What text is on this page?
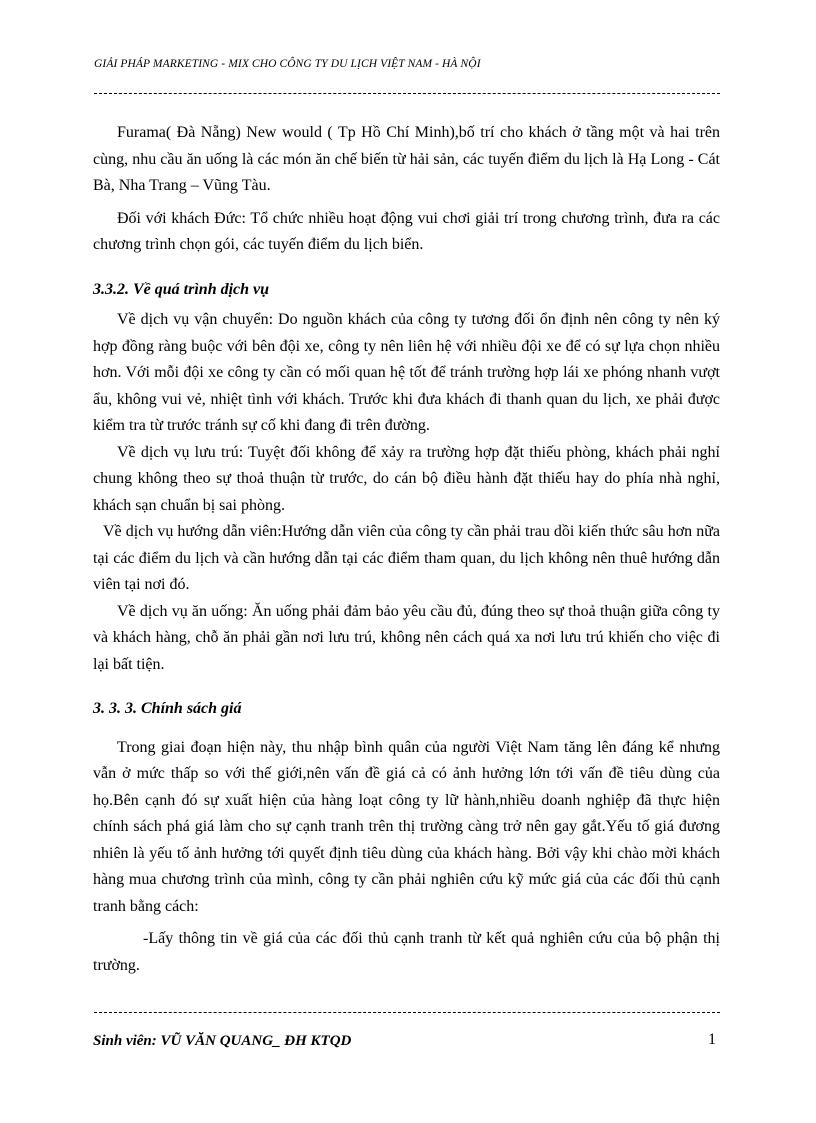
GIẢI PHÁP MARKETING - MIX CHO CÔNG TY DU LỊCH VIỆT NAM - HÀ NỘI

Furama( Đà Nẵng) New would ( Tp Hồ Chí Minh),bố trí cho khách ở tầng một và hai trên cùng, nhu cầu ăn uống là các món ăn chế biến từ hải sản, các tuyến điểm du lịch là Hạ Long - Cát Bà, Nha Trang – Vũng Tàu.

Đối với khách Đức: Tổ chức nhiều hoạt động vui chơi giải trí trong chương trình, đưa ra các chương trình chọn gói, các tuyến điểm du lịch biển.

3.3.2. Về quá trình dịch vụ

Về dịch vụ vận chuyển: Do nguồn khách của công ty tương đối ổn định nên công ty nên ký hợp đồng ràng buộc với bên đội xe, công ty nên liên hệ với nhiều đội xe để có sự lựa chọn nhiều hơn. Với mỗi đội xe công ty cần có mối quan hệ tốt để tránh trường hợp lái xe phóng nhanh vượt ẩu, không vui vẻ, nhiệt tình với khách. Trước khi đưa khách đi thanh quan du lịch, xe phải được kiểm tra từ trước tránh sự cố khi đang đi trên đường.

Về dịch vụ lưu trú: Tuyệt đối không để xảy ra trường hợp đặt thiếu phòng, khách phải nghỉ chung không theo sự thoả thuận từ trước, do cán bộ điều hành đặt thiếu hay do phía nhà nghỉ, khách sạn chuẩn bị sai phòng.

Về dịch vụ hướng dẫn viên:Hướng dẫn viên của công ty cần phải trau dồi kiến thức sâu hơn nữa tại các điểm du lịch và cần hướng dẫn tại các điểm tham quan, du lịch không nên thuê hướng dẫn viên tại nơi đó.

Về dịch vụ ăn uống: Ăn uống phải đảm bảo yêu cầu đủ, đúng theo sự thoả thuận giữa công ty và khách hàng, chỗ ăn phải gần nơi lưu trú, không nên cách quá xa nơi lưu trú khiến cho việc đi lại bất tiện.

3. 3. 3. Chính sách giá

Trong giai đoạn hiện này, thu nhập bình quân của người Việt Nam tăng lên đáng kể nhưng vẫn ở mức thấp so với thế giới,nên vấn đề giá cả có ảnh hưởng lớn tới vấn đề tiêu dùng của họ.Bên cạnh đó sự xuất hiện của hàng loạt công ty lữ hành,nhiều doanh nghiệp đã thực hiện chính sách phá giá làm cho sự cạnh tranh trên thị trường càng trở nên gay gắt.Yếu tố giá đương nhiên là yếu tố ảnh hưởng tới quyết định tiêu dùng của khách hàng. Bởi vậy khi chào mời khách hàng mua chương trình của mình, công ty cần phải nghiên cứu kỹ mức giá của các đối thủ cạnh tranh bằng cách:

-Lấy thông tin về giá của các đối thủ cạnh tranh từ kết quả nghiên cứu của bộ phận thị trường.

Sinh viên: VŨ VĂN QUANG_ ĐH KTQD	1
